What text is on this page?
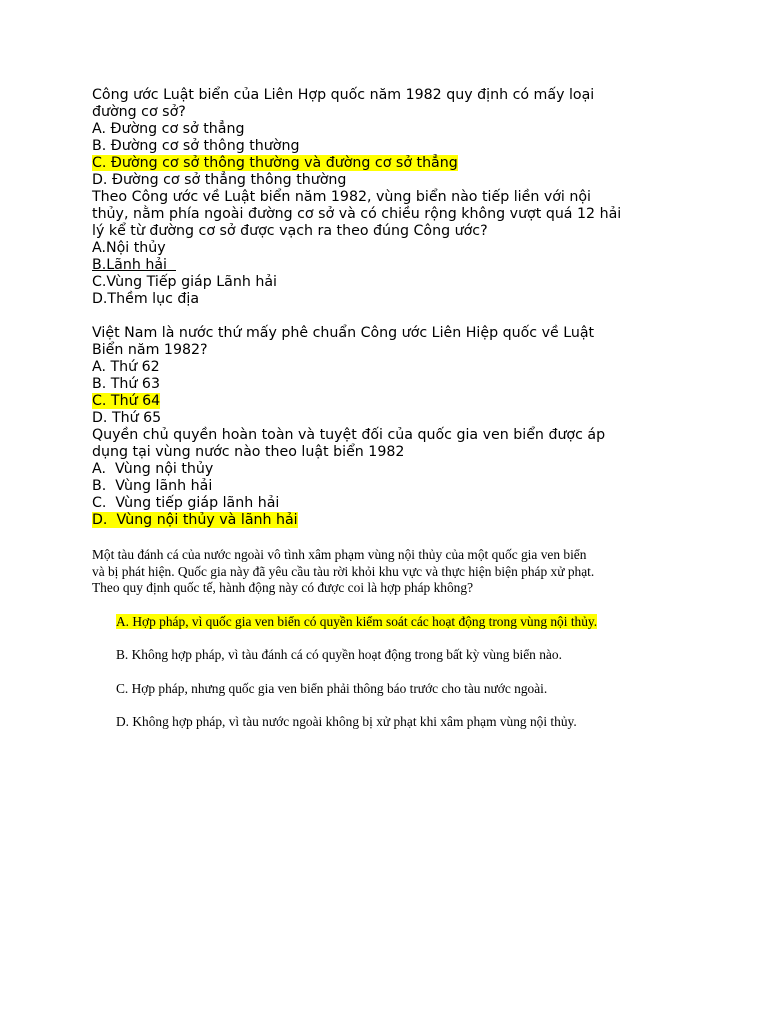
Công ước Luật biển của Liên Hợp quốc năm 1982 quy định có mấy loại
đường cơ sở?
A. Đường cơ sở thẳng
B. Đường cơ sở thông thường
C. Đường cơ sở thông thường và đường cơ sở thẳng
D. Đường cơ sở thẳng thông thường
Theo Công ước về Luật biển năm 1982, vùng biển nào tiếp liền với nội
thủy, nằm phía ngoài đường cơ sở và có chiều rộng không vượt quá 12 hải
lý kể từ đường cơ sở được vạch ra theo đúng Công ước?
A.Nội thủy
B.Lãnh hải
C.Vùng Tiếp giáp Lãnh hải
D.Thềm lục địa
Việt Nam là nước thứ mấy phê chuẩn Công ước Liên Hiệp quốc về Luật
Biển năm 1982?
A. Thứ 62
B. Thứ 63
C. Thứ 64
D. Thứ 65
Quyền chủ quyền hoàn toàn và tuyệt đối của quốc gia ven biển được áp
dụng tại vùng nước nào theo luật biển 1982
A.  Vùng nội thủy
B.  Vùng lãnh hải
C.  Vùng tiếp giáp lãnh hải
D.  Vùng nội thủy và lãnh hải

Một tàu đánh cá của nước ngoài vô tình xâm phạm vùng nội thủy của một quốc gia ven biển
và bị phát hiện. Quốc gia này đã yêu cầu tàu rời khỏi khu vực và thực hiện biện pháp xử phạt.
Theo quy định quốc tế, hành động này có được coi là hợp pháp không?

A. Hợp pháp, vì quốc gia ven biển có quyền kiểm soát các hoạt động trong vùng nội thủy.

B. Không hợp pháp, vì tàu đánh cá có quyền hoạt động trong bất kỳ vùng biển nào.

C. Hợp pháp, nhưng quốc gia ven biển phải thông báo trước cho tàu nước ngoài.

D. Không hợp pháp, vì tàu nước ngoài không bị xử phạt khi xâm phạm vùng nội thủy.
